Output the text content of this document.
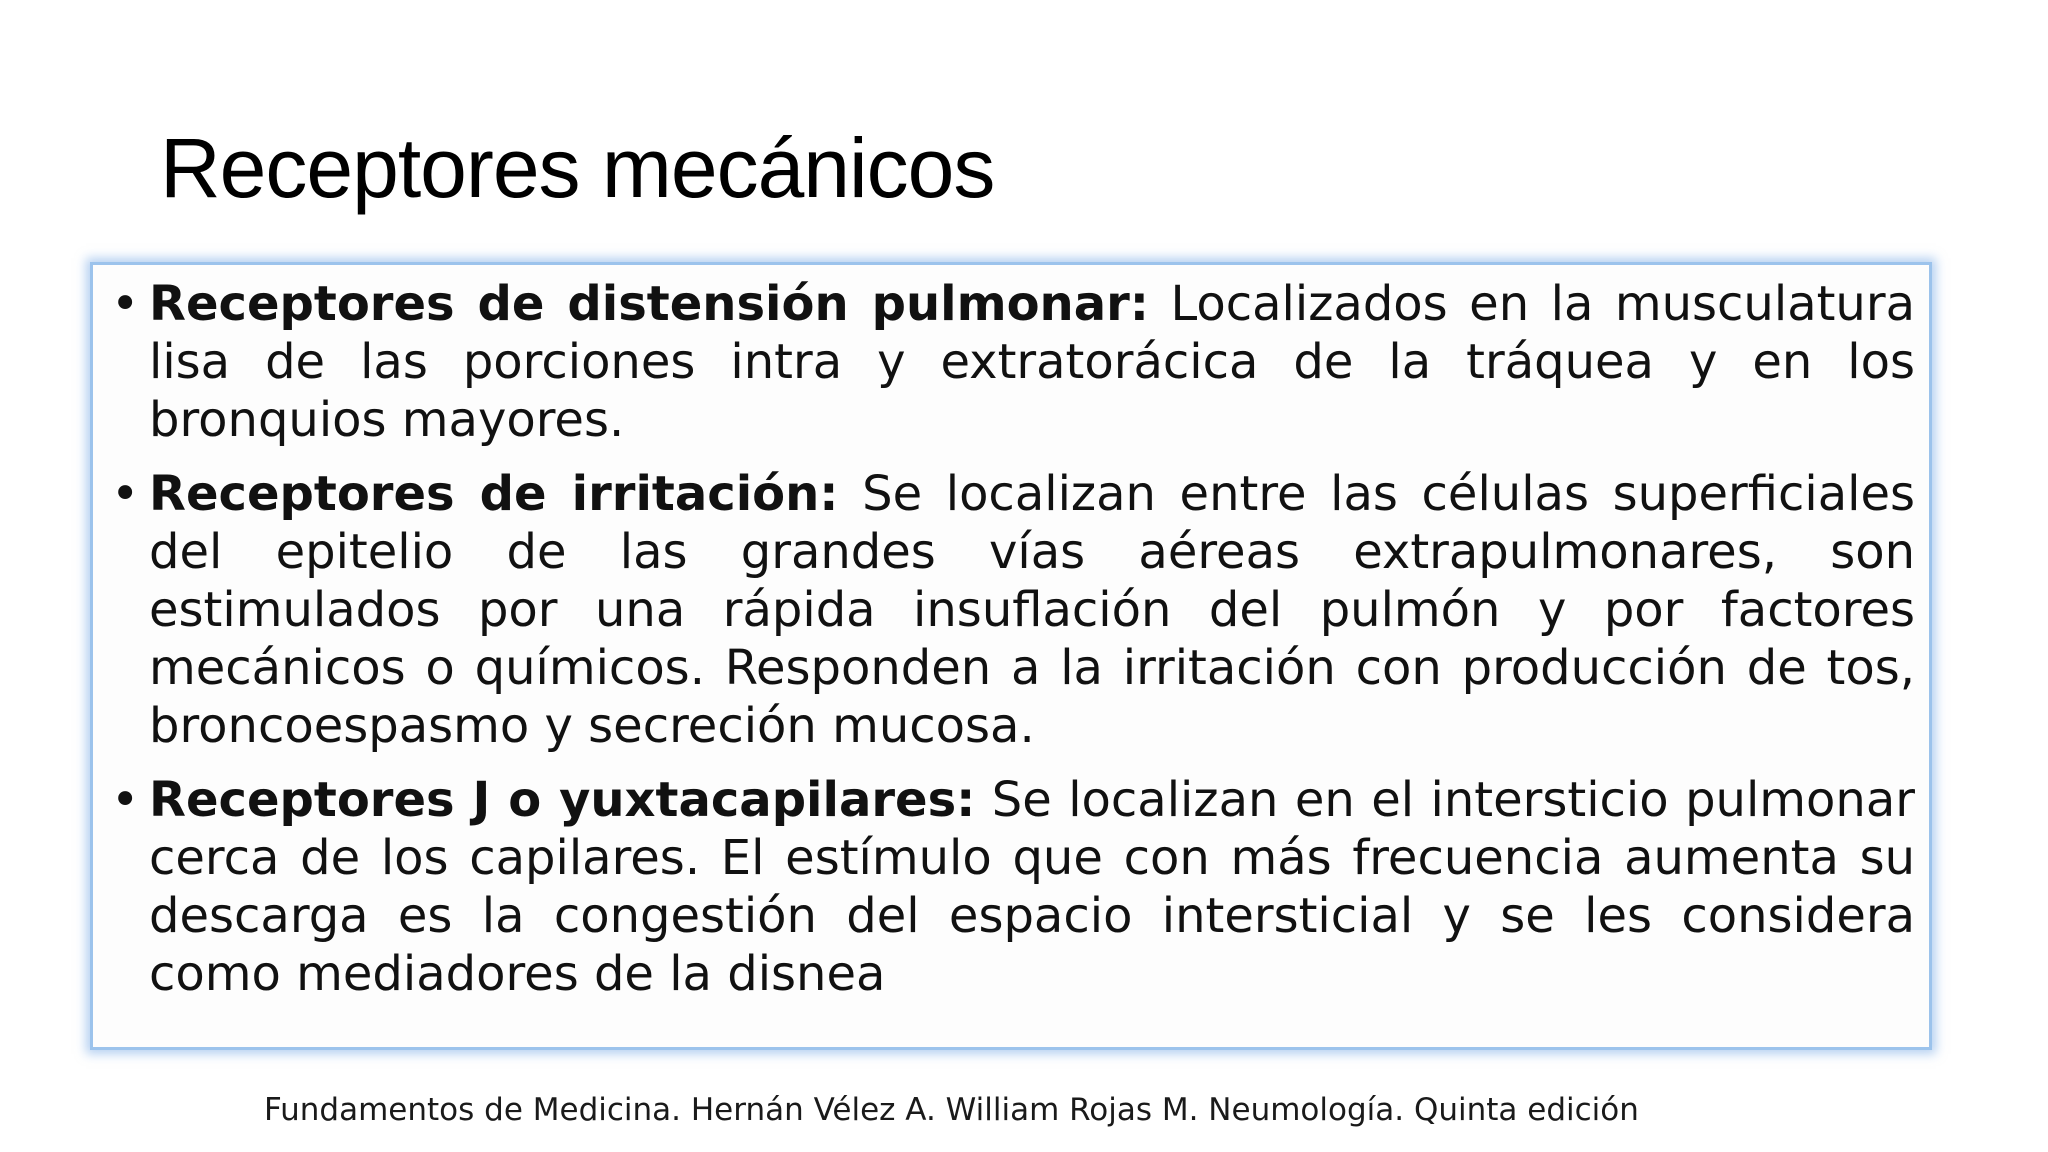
Receptores mecánicos
• Receptores de distensión pulmonar: Localizados en la musculatura lisa de las porciones intra y extratorácica de la tráquea y en los bronquios mayores.
• Receptores de irritación: Se localizan entre las células superficiales del epitelio de las grandes vías aéreas extrapulmonares, son estimulados por una rápida insuflación del pulmón y por factores mecánicos o químicos. Responden a la irritación con producción de tos, broncoespasmo y secreción mucosa.
• Receptores J o yuxtacapilares: Se localizan en el intersticio pulmonar cerca de los capilares. El estímulo que con más frecuencia aumenta su descarga es la congestión del espacio intersticial y se les considera como mediadores de la disnea

Fundamentos de Medicina. Hernán Vélez A. William Rojas M. Neumología. Quinta edición
